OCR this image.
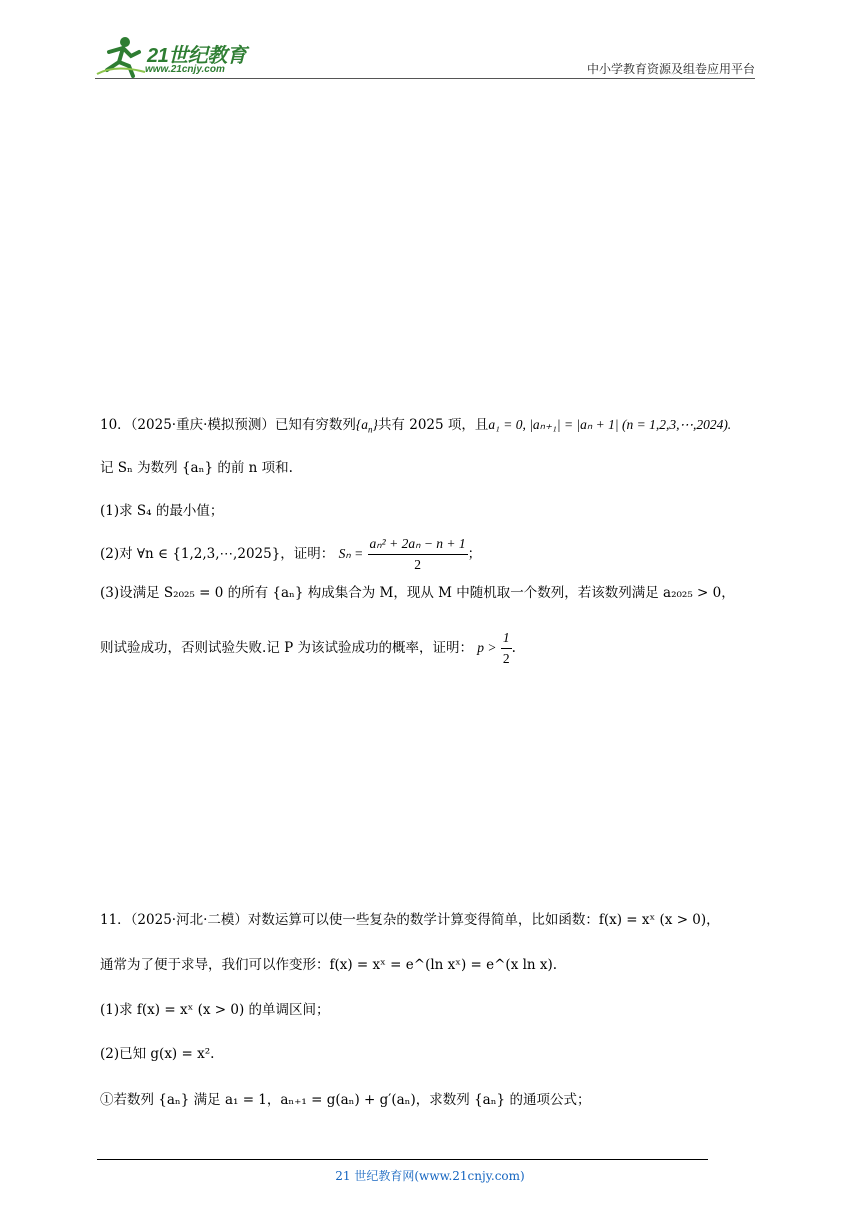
21世纪教育
www.21cnjy.com	中小学教育资源及组卷应用平台
10．（2025·重庆·模拟预测）已知有穷数列$\{a_n\}$共有 2025 项，且a₁ = 0, |aₙ₊₁| = |aₙ + 1| (n = 1,2,3,⋯,2024).
记 Sₙ 为数列 {aₙ} 的前 n 项和.
(1)求 S₄ 的最小值；
(2)对 ∀n ∈ {1,2,3,⋯,2025}，证明： $S_n = \frac{\text{aₙ² + 2aₙ − n + 1}}{2}$ ；
(3)设满足 S₂₀₂₅ = 0 的所有 {aₙ} 构成集合为 M，现从 M 中随机取一个数列，若该数列满足 a₂₀₂₅ > 0，
则试验成功，否则试验失败.记 P 为该试验成功的概率，证明： $p > \frac{1}{2}$ .
11．（2025·河北·二模）对数运算可以使一些复杂的数学计算变得简单，比如函数：f(x) = xˣ (x > 0)，
通常为了便于求导，我们可以作变形：f(x) = xˣ = e^(ln xˣ) = e^(x ln x).
(1)求 f(x) = xˣ (x > 0) 的单调区间；
(2)已知 g(x) = x².
①若数列 {aₙ} 满足 a₁ = 1，aₙ₊₁ = g(aₙ) + g′(aₙ)，求数列 {aₙ} 的通项公式；
21 世纪教育网(www.21cnjy.com)
